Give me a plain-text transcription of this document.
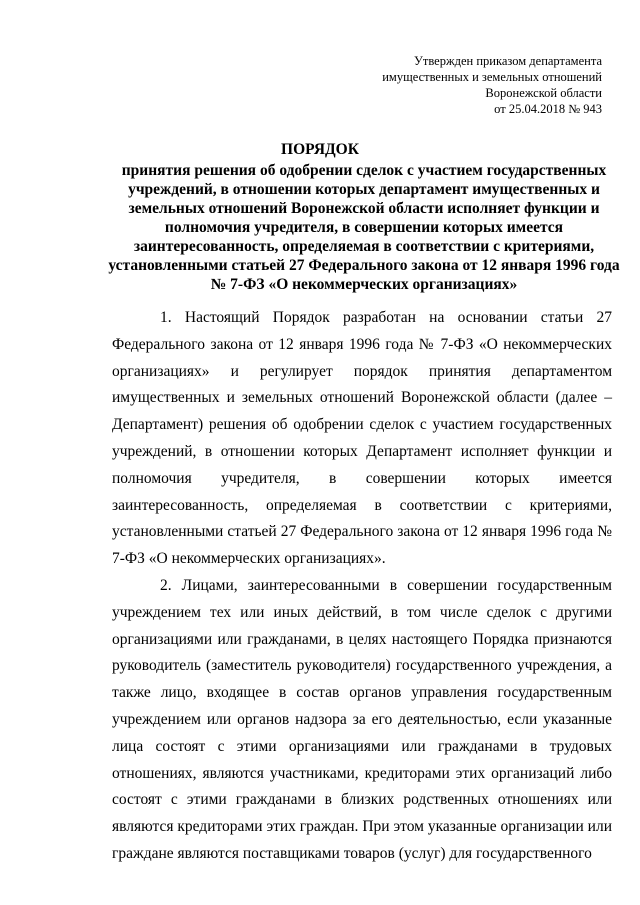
Утвержден приказом департамента
имущественных и земельных отношений
Воронежской области
от 25.04.2018 № 943
ПОРЯДОК
принятия решения об одобрении сделок с участием государственных учреждений, в отношении которых департамент имущественных и земельных отношений Воронежской области исполняет функции и полномочия учредителя, в совершении которых имеется заинтересованность, определяемая в соответствии с критериями, установленными статьей 27 Федерального закона от 12 января 1996 года № 7-ФЗ «О некоммерческих организациях»

1. Настоящий Порядок разработан на основании статьи 27 Федерального закона от 12 января 1996 года № 7-ФЗ «О некоммерческих организациях» и регулирует порядок принятия департаментом имущественных и земельных отношений Воронежской области (далее – Департамент) решения об одобрении сделок с участием государственных учреждений, в отношении которых Департамент исполняет функции и полномочия учредителя, в совершении которых имеется заинтересованность, определяемая в соответствии с критериями, установленными статьей 27 Федерального закона от 12 января 1996 года № 7-ФЗ «О некоммерческих организациях».

2. Лицами, заинтересованными в совершении государственным учреждением тех или иных действий, в том числе сделок с другими организациями или гражданами, в целях настоящего Порядка признаются руководитель (заместитель руководителя) государственного учреждения, а также лицо, входящее в состав органов управления государственным учреждением или органов надзора за его деятельностью, если указанные лица состоят с этими организациями или гражданами в трудовых отношениях, являются участниками, кредиторами этих организаций либо состоят с этими гражданами в близких родственных отношениях или являются кредиторами этих граждан. При этом указанные организации или граждане являются поставщиками товаров (услуг) для государственного
